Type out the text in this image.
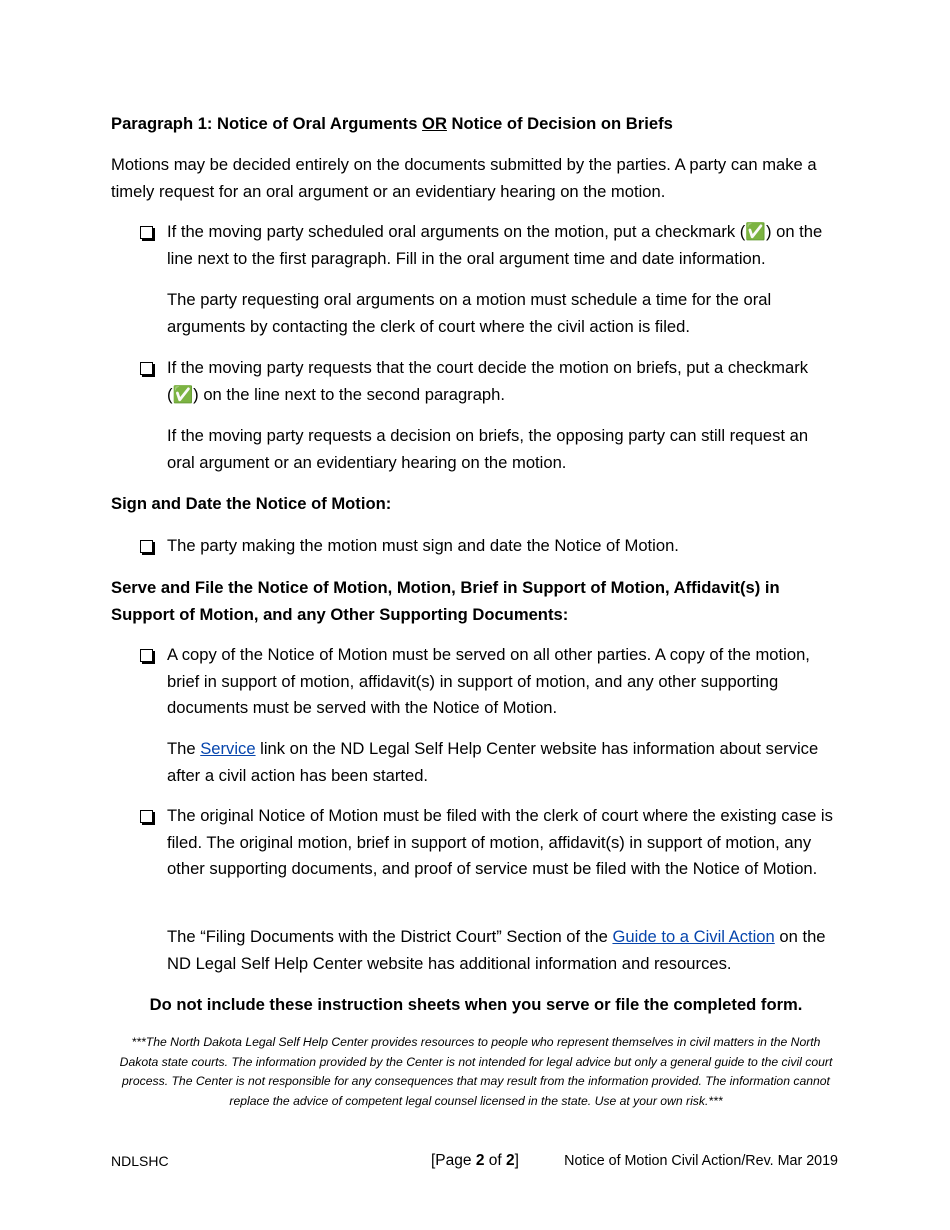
Paragraph 1: Notice of Oral Arguments OR Notice of Decision on Briefs

Motions may be decided entirely on the documents submitted by the parties. A party can make a timely request for an oral argument or an evidentiary hearing on the motion.

If the moving party scheduled oral arguments on the motion, put a checkmark (✅) on the line next to the first paragraph. Fill in the oral argument time and date information.
The party requesting oral arguments on a motion must schedule a time for the oral arguments by contacting the clerk of court where the civil action is filed.
If the moving party requests that the court decide the motion on briefs, put a checkmark (✅) on the line next to the second paragraph.
If the moving party requests a decision on briefs, the opposing party can still request an oral argument or an evidentiary hearing on the motion.
Sign and Date the Notice of Motion:
The party making the motion must sign and date the Notice of Motion.
Serve and File the Notice of Motion, Motion, Brief in Support of Motion, Affidavit(s) in Support of Motion, and any Other Supporting Documents:
A copy of the Notice of Motion must be served on all other parties. A copy of the motion, brief in support of motion, affidavit(s) in support of motion, and any other supporting documents must be served with the Notice of Motion.
The Service link on the ND Legal Self Help Center website has information about service after a civil action has been started.
The original Notice of Motion must be filed with the clerk of court where the existing case is filed. The original motion, brief in support of motion, affidavit(s) in support of motion, any other supporting documents, and proof of service must be filed with the Notice of Motion.
The “Filing Documents with the District Court” Section of the Guide to a Civil Action on the ND Legal Self Help Center website has additional information and resources.
Do not include these instruction sheets when you serve or file the completed form.
***The North Dakota Legal Self Help Center provides resources to people who represent themselves in civil matters in the North Dakota state courts. The information provided by the Center is not intended for legal advice but only a general guide to the civil court process. The Center is not responsible for any consequences that may result from the information provided. The information cannot replace the advice of competent legal counsel licensed in the state. Use at your own risk.***
NDLSHC	[Page 2 of 2]	Notice of Motion Civil Action/Rev. Mar 2019
